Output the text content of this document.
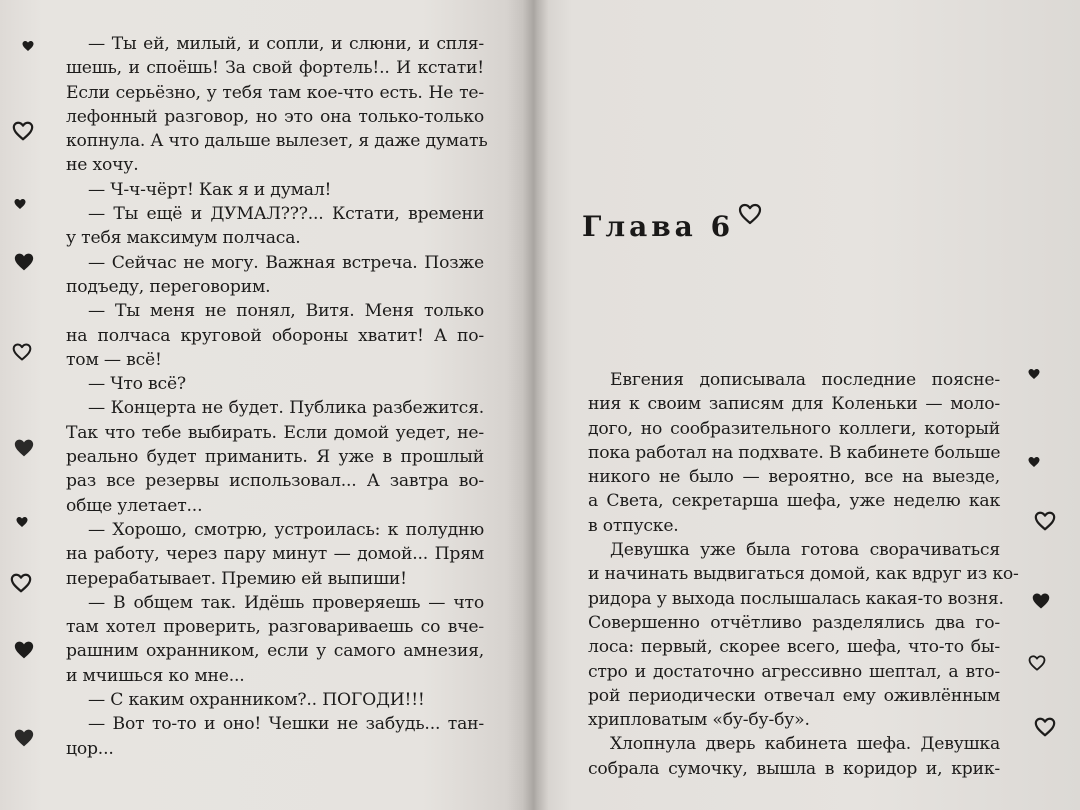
— Ты ей, милый, и сопли, и слюни, и спля-
шешь, и споёшь! За свой фортель!.. И кстати!
Если серьёзно, у тебя там кое-что есть. Не те-
лефонный разговор, но это она только-только
копнула. А что дальше вылезет, я даже думать
не хочу.
— Ч-ч-чёрт! Как я и думал!
— Ты ещё и ДУМАЛ???... Кстати, времени
у тебя максимум полчаса.
— Сейчас не могу. Важная встреча. Позже
подъеду, переговорим.
— Ты меня не понял, Витя. Меня только
на полчаса круговой обороны хватит! А по-
том — всё!
— Что всё?
— Концерта не будет. Публика разбежится.
Так что тебе выбирать. Если домой уедет, не-
реально будет приманить. Я уже в прошлый
раз все резервы использовал... А завтра во-
обще улетает...
— Хорошо, смотрю, устроилась: к полудню
на работу, через пару минут — домой... Прям
перерабатывает. Премию ей выпиши!
— В общем так. Идёшь проверяешь — что
там хотел проверить, разговариваешь со вче-
рашним охранником, если у самого амнезия,
и мчишься ко мне...
— С каким охранником?.. ПОГОДИ!!!
— Вот то-то и оно! Чешки не забудь... тан-
цор...
Глава 6
Евгения дописывала последние поясне-
ния к своим записям для Коленьки — моло-
дого, но сообразительного коллеги, который
пока работал на подхвате. В кабинете больше
никого не было — вероятно, все на выезде,
а Света, секретарша шефа, уже неделю как
в отпуске.
Девушка уже была готова сворачиваться
и начинать выдвигаться домой, как вдруг из ко-
ридора у выхода послышалась какая-то возня.
Совершенно отчётливо разделялись два го-
лоса: первый, скорее всего, шефа, что-то бы-
стро и достаточно агрессивно шептал, а вто-
рой периодически отвечал ему оживлённым
хрипловатым «бу-бу-бу».
Хлопнула дверь кабинета шефа. Девушка
собрала сумочку, вышла в коридор и, крик-
